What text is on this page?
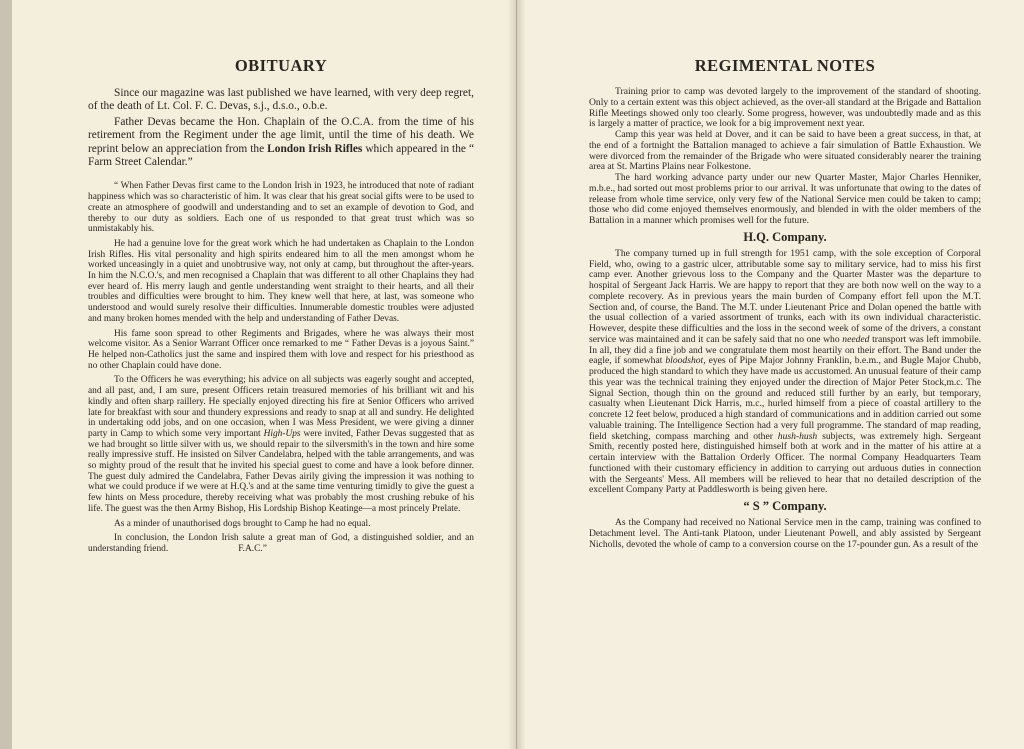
OBITUARY

Since our magazine was last published we have learned, with very deep regret, of the death of Lt. Col. F. C. Devas, s.j., d.s.o., o.b.e.

Father Devas became the Hon. Chaplain of the O.C.A. from the time of his retirement from the Regiment under the age limit, until the time of his death. We reprint below an appreciation from the London Irish Rifles which appeared in the “ Farm Street Calendar.”

“ When Father Devas first came to the London Irish in 1923, he introduced that note of radiant happiness which was so characteristic of him. It was clear that his great social gifts were to be used to create an atmosphere of goodwill and understanding and to set an example of devotion to God, and thereby to our duty as soldiers. Each one of us responded to that great trust which was so unmistakably his.

He had a genuine love for the great work which he had undertaken as Chaplain to the London Irish Rifles. His vital personality and high spirits endeared him to all the men amongst whom he worked unceasingly in a quiet and unobtrusive way, not only at camp, but throughout the after-years. In him the N.C.O.'s, and men recognised a Chaplain that was different to all other Chaplains they had ever heard of. His merry laugh and gentle understanding went straight to their hearts, and all their troubles and difficulties were brought to him. They knew well that here, at last, was someone who understood and would surely resolve their difficulties. Innumerable domestic troubles were adjusted and many broken homes mended with the help and understanding of Father Devas.

His fame soon spread to other Regiments and Brigades, where he was always their most welcome visitor. As a Senior Warrant Officer once remarked to me “ Father Devas is a joyous Saint.” He helped non-Catholics just the same and inspired them with love and respect for his priesthood as no other Chaplain could have done.

To the Officers he was everything; his advice on all subjects was eagerly sought and accepted, and all past, and, I am sure, present Officers retain treasured memories of his brilliant wit and his kindly and often sharp raillery. He specially enjoyed directing his fire at Senior Officers who arrived late for breakfast with sour and thundery expressions and ready to snap at all and sundry. He delighted in undertaking odd jobs, and on one occasion, when I was Mess President, we were giving a dinner party in Camp to which some very important High-Ups were invited, Father Devas suggested that as we had brought so little silver with us, we should repair to the silversmith's in the town and hire some really impressive stuff. He insisted on Silver Candelabra, helped with the table arrangements, and was so mighty proud of the result that he invited his special guest to come and have a look before dinner. The guest duly admired the Candelabra, Father Devas airily giving the impression it was nothing to what we could produce if we were at H.Q.'s and at the same time venturing timidly to give the guest a few hints on Mess procedure, thereby receiving what was probably the most crushing rebuke of his life. The guest was the then Army Bishop, His Lordship Bishop Keatinge—a most princely Prelate.

As a minder of unauthorised dogs brought to Camp he had no equal.

In conclusion, the London Irish salute a great man of God, a distinguished soldier, and an understanding friend.	F.A.C.”

REGIMENTAL NOTES

Training prior to camp was devoted largely to the improvement of the standard of shooting. Only to a certain extent was this object achieved, as the over-all standard at the Brigade and Battalion Rifle Meetings showed only too clearly. Some progress, however, was undoubtedly made and as this is largely a matter of practice, we look for a big improvement next year.

Camp this year was held at Dover, and it can be said to have been a great success, in that, at the end of a fortnight the Battalion managed to achieve a fair simulation of Battle Exhaustion. We were divorced from the remainder of the Brigade who were situated considerably nearer the training area at St. Martins Plains near Folkestone.

The hard working advance party under our new Quarter Master, Major Charles Henniker, m.b.e., had sorted out most problems prior to our arrival. It was unfortunate that owing to the dates of release from whole time service, only very few of the National Service men could be taken to camp; those who did come enjoyed themselves enormously, and blended in with the older members of the Battalion in a manner which promises well for the future.

H.Q. Company.

The company turned up in full strength for 1951 camp, with the sole exception of Corporal Field, who, owing to a gastric ulcer, attributable some say to military service, had to miss his first camp ever. Another grievous loss to the Company and the Quarter Master was the departure to hospital of Sergeant Jack Harris. We are happy to report that they are both now well on the way to a complete recovery. As in previous years the main burden of Company effort fell upon the M.T. Section and, of course, the Band. The M.T. under Lieutenant Price and Dolan opened the battle with the usual collection of a varied assortment of trunks, each with its own individual characteristic. However, despite these difficulties and the loss in the second week of some of the drivers, a constant service was maintained and it can be safely said that no one who needed transport was left immobile. In all, they did a fine job and we congratulate them most heartily on their effort. The Band under the eagle, if somewhat bloodshot, eyes of Pipe Major Johnny Franklin, b.e.m., and Bugle Major Chubb, produced the high standard to which they have made us accustomed. An unusual feature of their camp this year was the technical training they enjoyed under the direction of Major Peter Stock,m.c. The Signal Section, though thin on the ground and reduced still further by an early, but temporary, casualty when Lieutenant Dick Harris, m.c., hurled himself from a piece of coastal artillery to the concrete 12 feet below, produced a high standard of communications and in addition carried out some valuable training. The Intelligence Section had a very full programme. The standard of map reading, field sketching, compass marching and other hush-hush subjects, was extremely high. Sergeant Smith, recently posted here, distinguished himself both at work and in the matter of his attire at a certain interview with the Battalion Orderly Officer. The normal Company Headquarters Team functioned with their customary efficiency in addition to carrying out arduous duties in connection with the Sergeants' Mess. All members will be relieved to hear that no detailed description of the excellent Company Party at Paddlesworth is being given here.

“ S ” Company.

As the Company had received no National Service men in the camp, training was confined to Detachment level. The Anti-tank Platoon, under Lieutenant Powell, and ably assisted by Sergeant Nicholls, devoted the whole of camp to a conversion course on the 17-pounder gun. As a result of the
